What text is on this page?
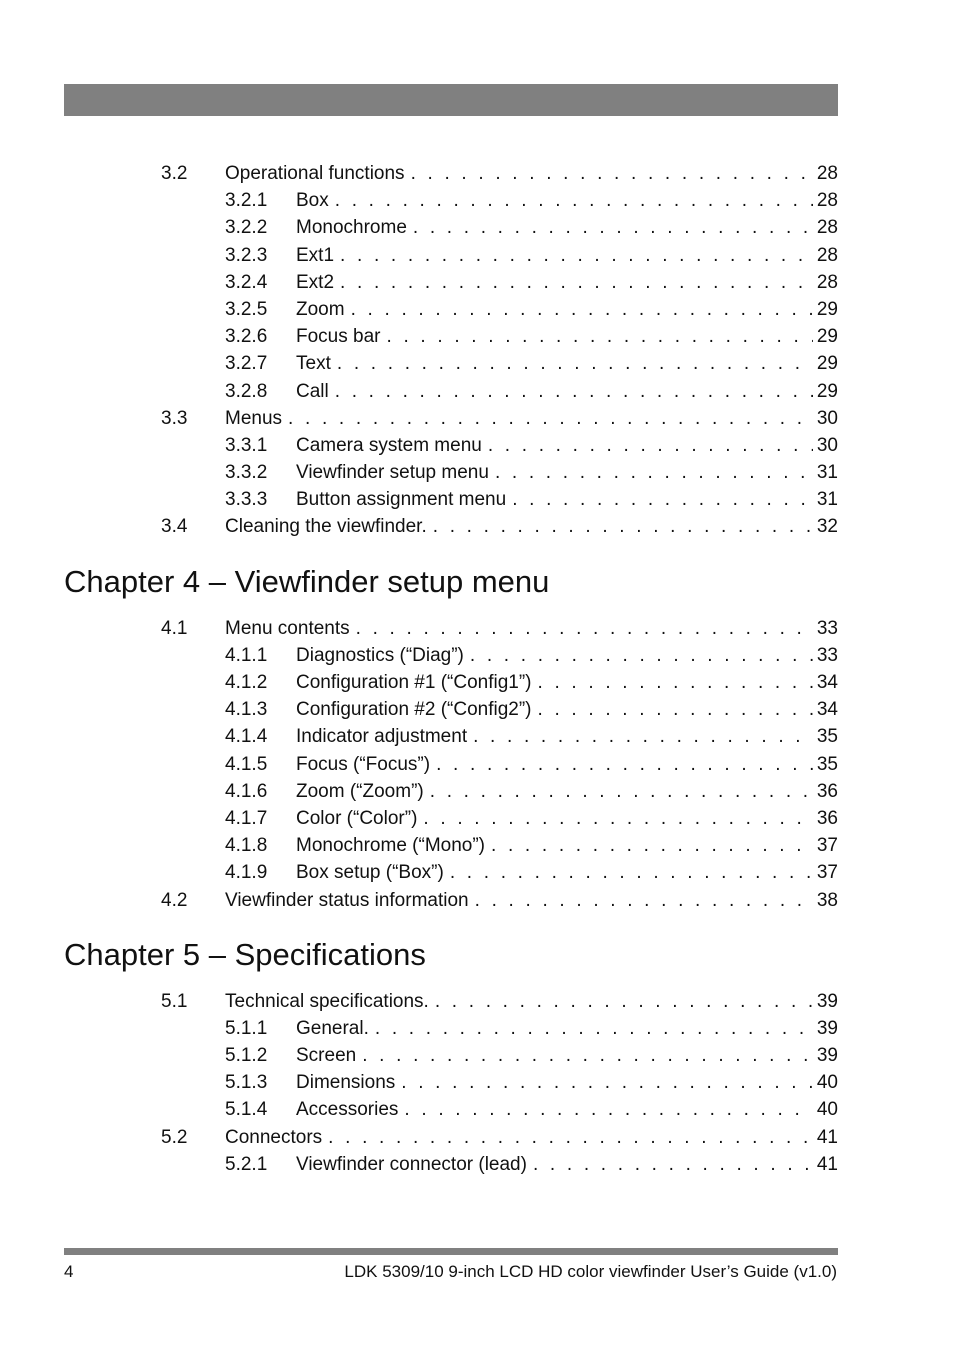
3.2 Operational functions . . .	28
3.2.1 Box . . .	28
3.2.2 Monochrome . . .	28
3.2.3 Ext1 . . .	28
3.2.4 Ext2 . . .	28
3.2.5 Zoom . . .	29
3.2.6 Focus bar . . .	29
3.2.7 Text . . .	29
3.2.8 Call . . .	29
3.3 Menus . . .	30
3.3.1 Camera system menu . . .	30
3.3.2 Viewfinder setup menu . . .	31
3.3.3 Button assignment menu . . .	31
3.4 Cleaning the viewfinder. . . .	32
Chapter 4 – Viewfinder setup menu
4.1 Menu contents . . .	33
4.1.1 Diagnostics (“Diag”) . . .	33
4.1.2 Configuration #1 (“Config1”) . . .	34
4.1.3 Configuration #2 (“Config2”) . . .	34
4.1.4 Indicator adjustment . . .	35
4.1.5 Focus (“Focus”) . . .	35
4.1.6 Zoom (“Zoom”) . . .	36
4.1.7 Color (“Color”) . . .	36
4.1.8 Monochrome (“Mono”) . . .	37
4.1.9 Box setup (“Box”) . . .	37
4.2 Viewfinder status information . . .	38
Chapter 5 – Specifications
5.1 Technical specifications. . . .	39
5.1.1 General. . . .	39
5.1.2 Screen . . .	39
5.1.3 Dimensions . . .	40
5.1.4 Accessories . . .	40
5.2 Connectors . . .	41
5.2.1 Viewfinder connector (lead) . . .	41
4	LDK 5309/10 9-inch LCD HD color viewfinder User’s Guide (v1.0)
